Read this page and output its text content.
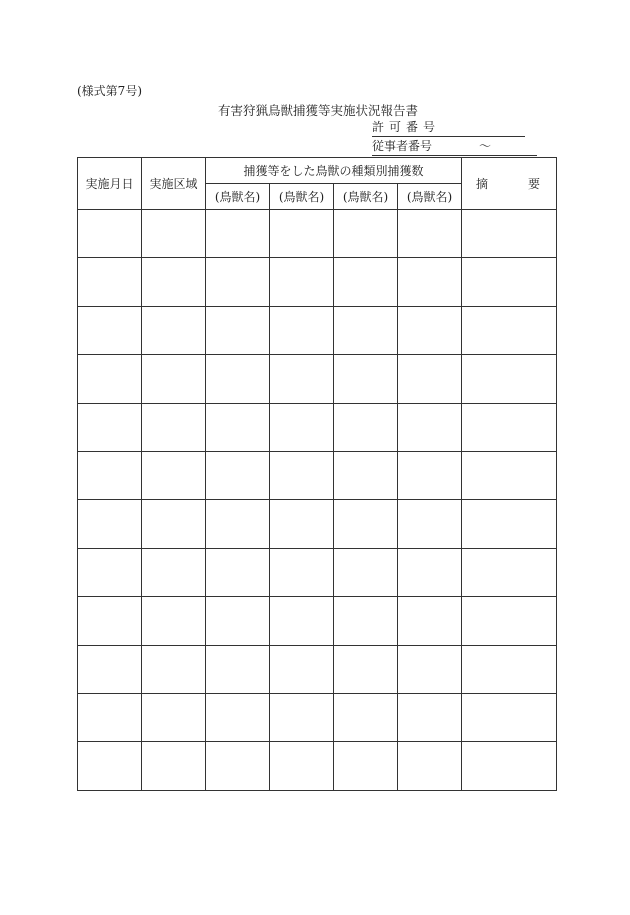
(様式第7号)
有害狩猟鳥獣捕獲等実施状況報告書
許可番号
従事者番号	〜
実施月日	実施区域	捕獲等をした鳥獣の種類別捕獲数				摘 要

		(鳥獣名)	(鳥獣名)	(鳥獣名)	(鳥獣名)	
